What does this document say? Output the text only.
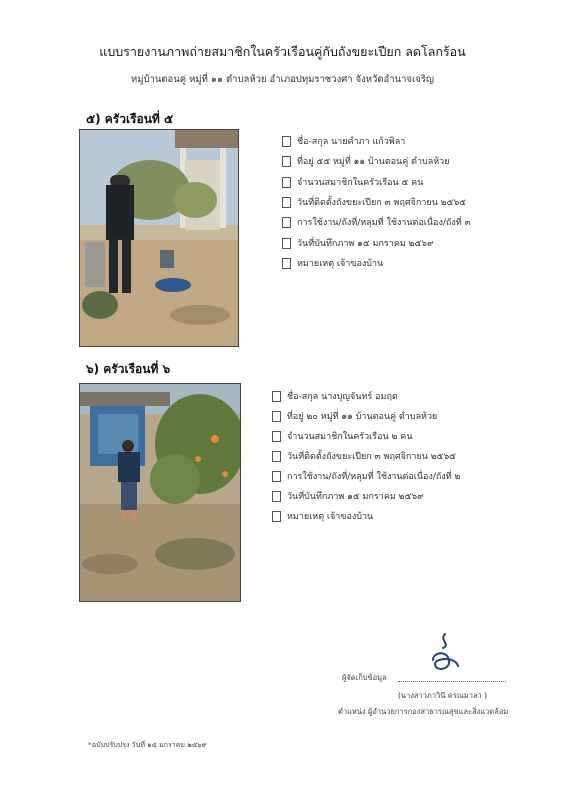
แบบรายงานภาพถ่ายสมาชิกในครัวเรือนคู่กับถังขยะเปียก ลดโลกร้อน
หมู่บ้านตอนคู่ หมู่ที่ ๑๑ ตำบลห้วย อำเภอปทุมราชวงศา จังหวัดอำนาจเจริญ
๕) ครัวเรือนที่ ๕
ชื่อ-สกุล นายคำภา แก้วพิลา
ที่อยู่ ๕๕ หมู่ที่ ๑๑ บ้านตอนคู่ ตำบลห้วย
จำนวนสมาชิกในครัวเรือน ๕ คน
วันที่ติดตั้งถังขยะเปียก ๓ พฤศจิกายน ๒๕๖๕
การใช้งาน/ถังที่/หลุมที่ ใช้งานต่อเนื่อง/ถังที่ ๓
วันที่บันทึกภาพ ๑๕ มกราคม ๒๕๖๙
หมายเหตุ เจ้าของบ้าน
๖) ครัวเรือนที่ ๖
ชื่อ-สกุล นางบุญจันทร์ อมฤต
ที่อยู่ ๒๐ หมู่ที่ ๑๑ บ้านตอนคู่ ตำบลห้วย
จำนวนสมาชิกในครัวเรือน ๒ คน
วันที่ติดตั้งถังขยะเปียก ๓ พฤศจิกายน ๒๕๖๕
การใช้งาน/ถังที่/หลุมที่ ใช้งานต่อเนื่อง/ถังที่ ๒
วันที่บันทึกภาพ ๑๕ มกราคม ๒๕๖๙
หมายเหตุ เจ้าของบ้าน
ผู้จัดเก็บข้อมูล
(นางสาวภาวินี ครณมาลา )
ตำแหน่ง ผู้อำนวยการกองสาธารณสุขและสิ่งแวดล้อม
*ฉบับปรับปรุง วันที่ ๑๕ มกราคม ๒๕๖๙
